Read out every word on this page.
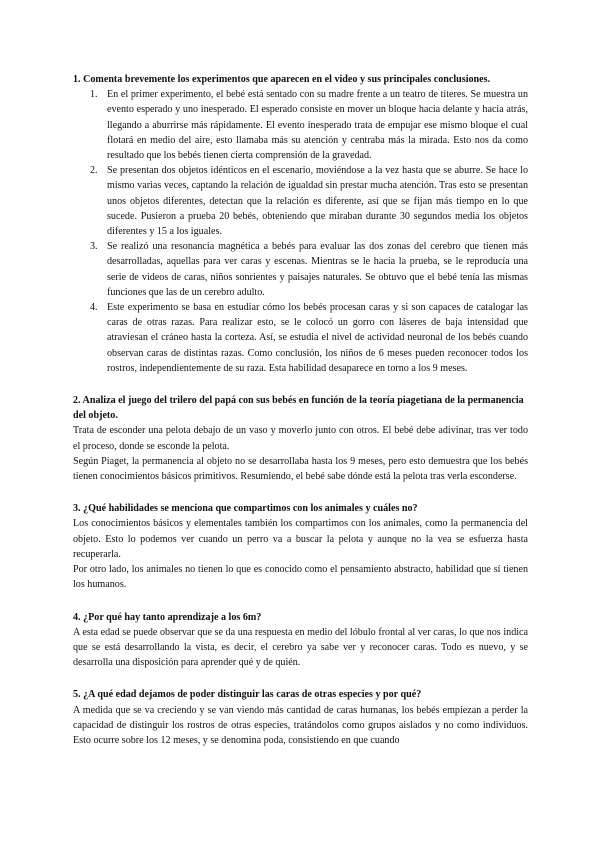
1. Comenta brevemente los experimentos que aparecen en el video y sus principales conclusiones.

1. En el primer experimento, el bebé está sentado con su madre frente a un teatro de títeres. Se muestra un evento esperado y uno inesperado. El esperado consiste en mover un bloque hacia delante y hacia atrás, llegando a aburrirse más rápidamente. El evento inesperado trata de empujar ese mismo bloque el cual flotará en medio del aire, esto llamaba más su atención y centraba más la mirada. Esto nos da como resultado que los bebés tienen cierta comprensión de la gravedad.
2. Se presentan dos objetos idénticos en el escenario, moviéndose a la vez hasta que se aburre. Se hace lo mismo varias veces, captando la relación de igualdad sin prestar mucha atención. Tras esto se presentan unos objetos diferentes, detectan que la relación es diferente, así que se fijan más tiempo en lo que sucede. Pusieron a prueba 20 bebés, obteniendo que miraban durante 30 segundos media los objetos diferentes y 15 a los iguales.
3. Se realizó una resonancia magnética a bebés para evaluar las dos zonas del cerebro que tienen más desarrolladas, aquellas para ver caras y escenas. Mientras se le hacía la prueba, se le reproducía una serie de videos de caras, niños sonrientes y paisajes naturales. Se obtuvo que el bebé tenía las mismas funciones que las de un cerebro adulto.
4. Este experimento se basa en estudiar cómo los bebés procesan caras y si son capaces de catalogar las caras de otras razas. Para realizar esto, se le colocó un gorro con láseres de baja intensidad que atraviesan el cráneo hasta la corteza. Así, se estudia el nivel de actividad neuronal de los bebés cuando observan caras de distintas razas. Como conclusión, los niños de 6 meses pueden reconocer todos los rostros, independientemente de su raza. Esta habilidad desaparece en torno a los 9 meses.

2. Analiza el juego del trilero del papá con sus bebés en función de la teoría piagetiana de la permanencia del objeto.

Trata de esconder una pelota debajo de un vaso y moverlo junto con otros. El bebé debe adivinar, tras ver todo el proceso, donde se esconde la pelota.

Según Piaget, la permanencia al objeto no se desarrollaba hasta los 9 meses, pero esto demuestra que los bebés tienen conocimientos básicos primitivos. Resumiendo, el bebé sabe dónde está la pelota tras verla esconderse.

3. ¿Qué habilidades se menciona que compartimos con los animales y cuáles no?

Los conocimientos básicos y elementales también los compartimos con los animales, como la permanencia del objeto. Esto lo podemos ver cuando un perro va a buscar la pelota y aunque no la vea se esfuerza hasta recuperarla.

Por otro lado, los animales no tienen lo que es conocido como el pensamiento abstracto, habilidad que sí tienen los humanos.

4. ¿Por qué hay tanto aprendizaje a los 6m?

A esta edad se puede observar que se da una respuesta en medio del lóbulo frontal al ver caras, lo que nos indica que se está desarrollando la vista, es decir, el cerebro ya sabe ver y reconocer caras. Todo es nuevo, y se desarrolla una disposición para aprender qué y de quién.

5. ¿A qué edad dejamos de poder distinguir las caras de otras especies y por qué?

A medida que se va creciendo y se van viendo más cantidad de caras humanas, los bebés empiezan a perder la capacidad de distinguir los rostros de otras especies, tratándolos como grupos aislados y no como individuos. Esto ocurre sobre los 12 meses, y se denomina poda, consistiendo en que cuando
